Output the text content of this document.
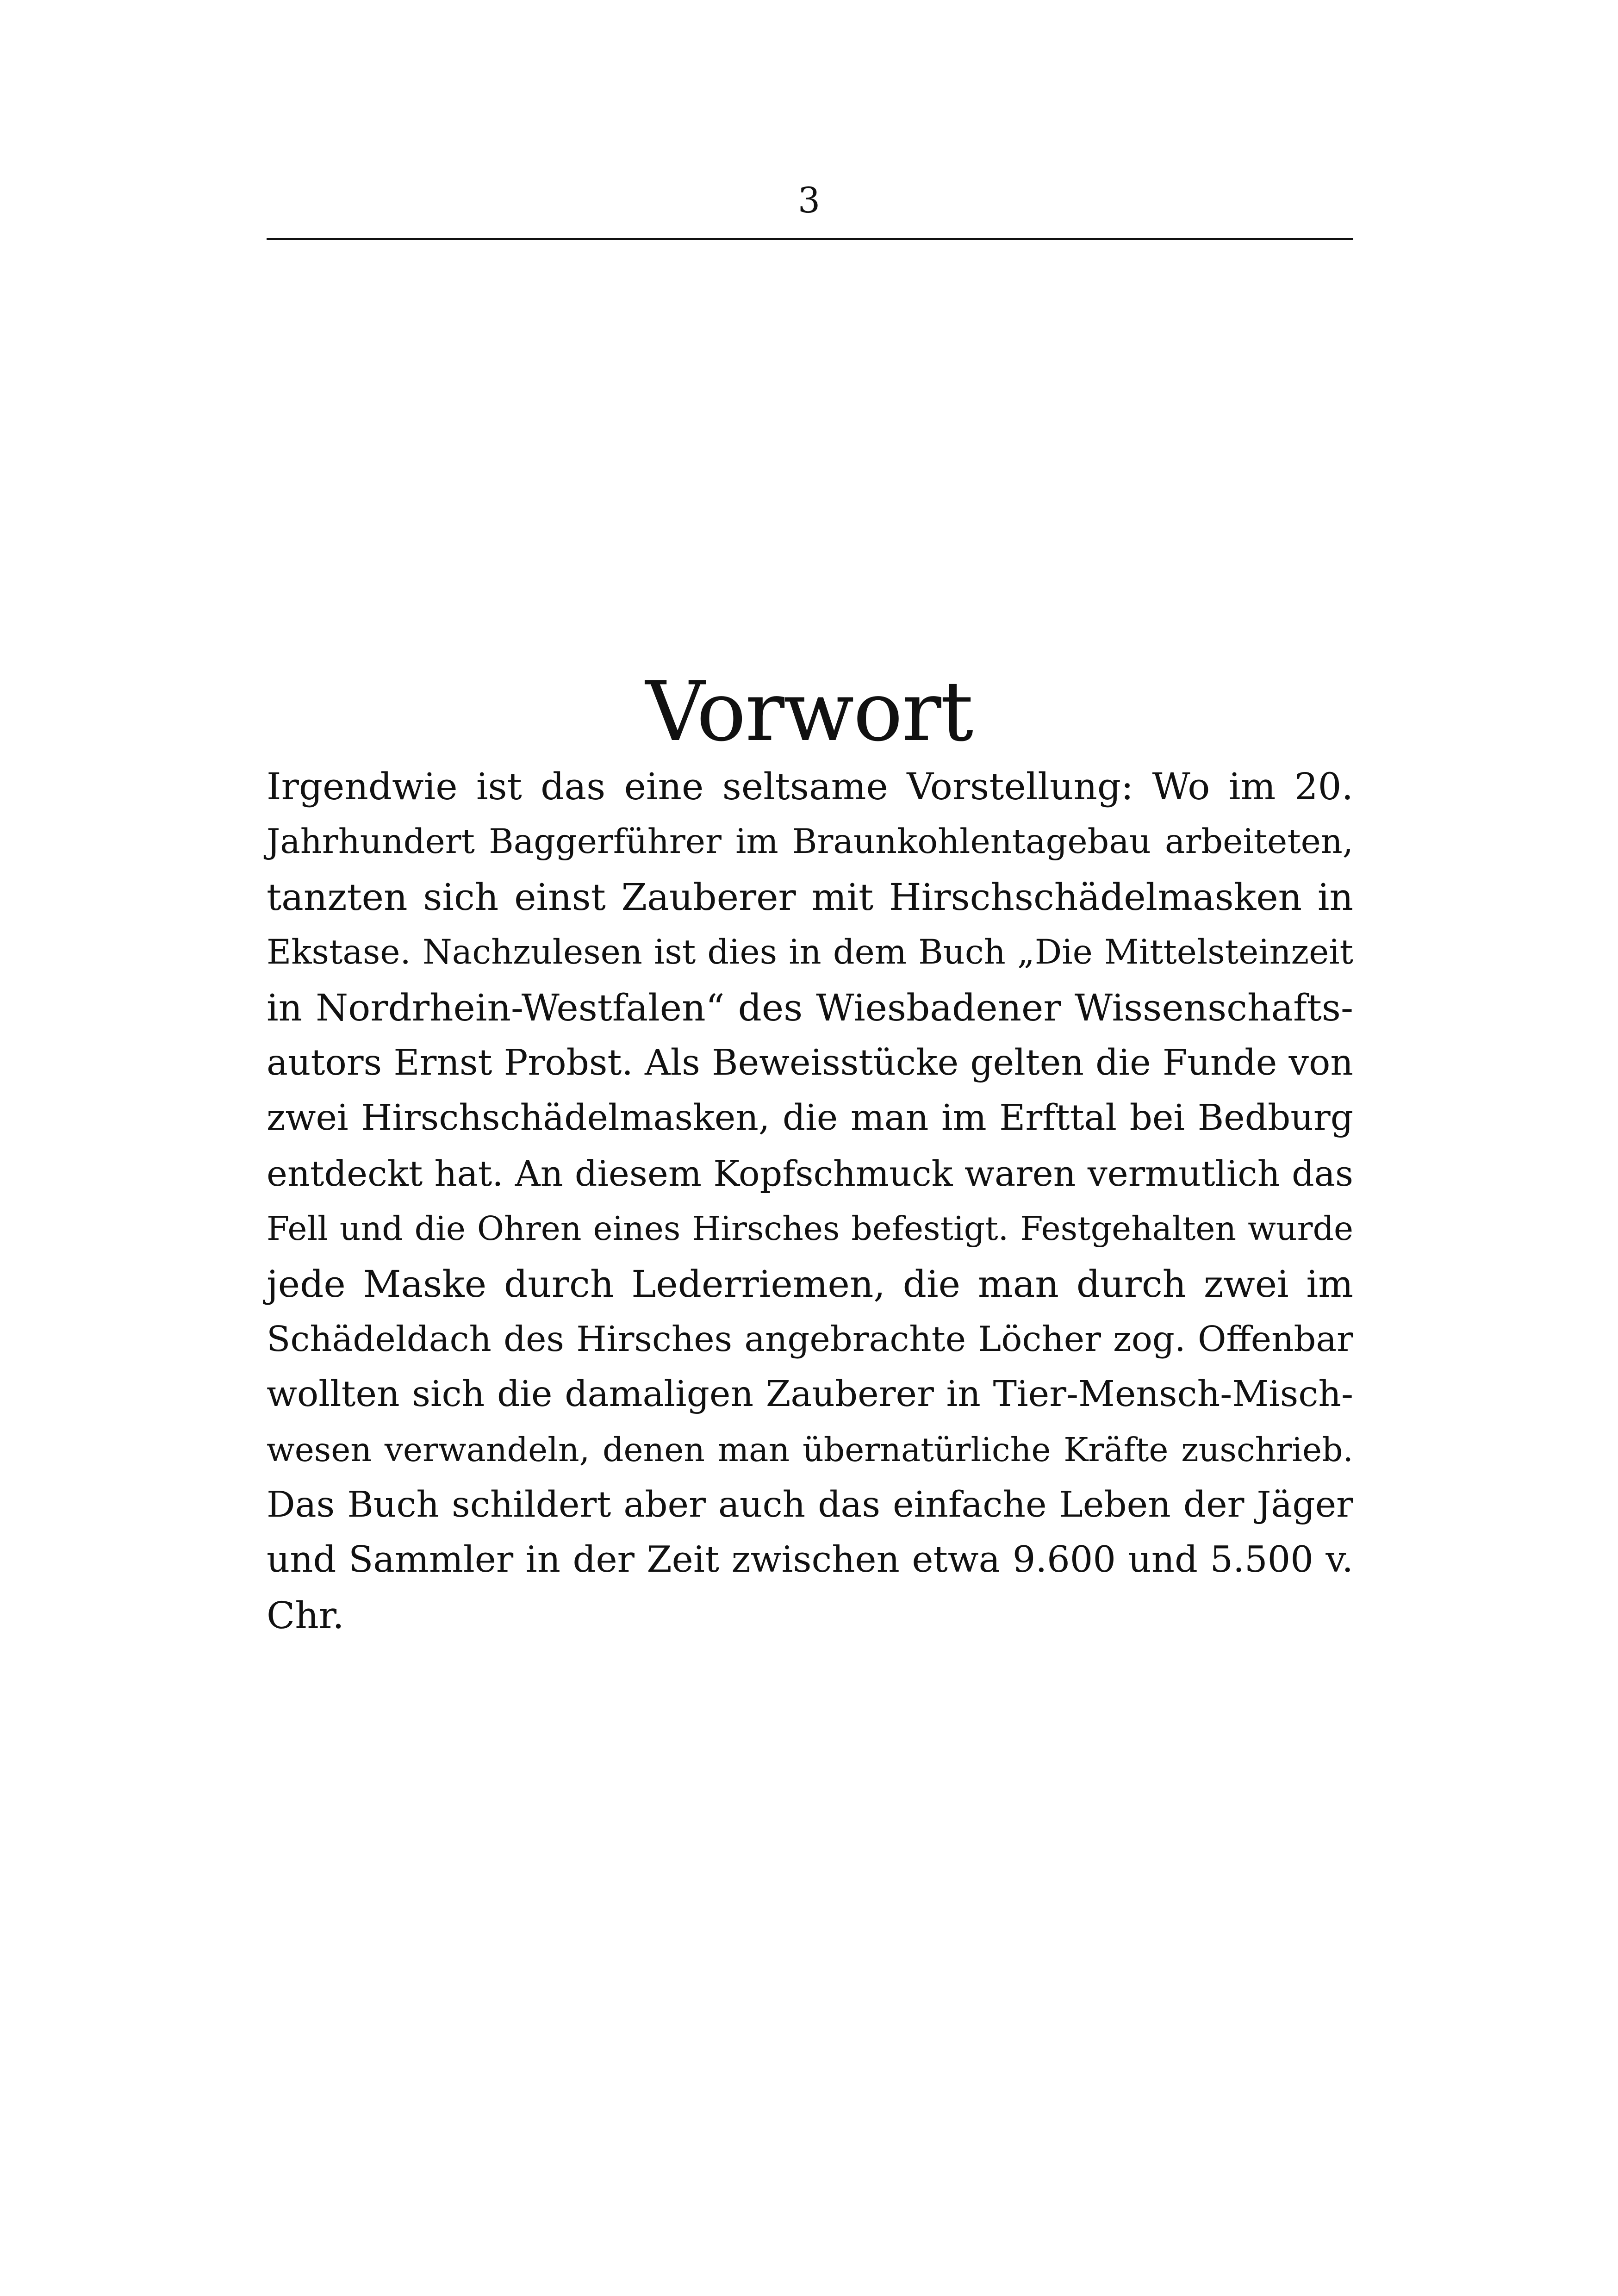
3
Vorwort
Irgendwie ist das eine seltsame Vorstellung: Wo im 20.
Jahrhundert Baggerführer im Braunkohlentagebau arbeiteten,
tanzten sich einst Zauberer mit Hirschschädelmasken in
Ekstase. Nachzulesen ist dies in dem Buch „Die Mittelsteinzeit
in Nordrhein-Westfalen“ des Wiesbadener Wissenschafts-
autors Ernst Probst. Als Beweisstücke gelten die Funde von
zwei Hirschschädelmasken, die man im Erfttal bei Bedburg
entdeckt hat. An diesem Kopfschmuck waren vermutlich das
Fell und die Ohren eines Hirsches befestigt. Festgehalten wurde
jede Maske durch Lederriemen, die man durch zwei im
Schädeldach des Hirsches angebrachte Löcher zog. Offenbar
wollten sich die damaligen Zauberer in Tier-Mensch-Misch-
wesen verwandeln, denen man übernatürliche Kräfte zuschrieb.
Das Buch schildert aber auch das einfache Leben der Jäger
und Sammler in der Zeit zwischen etwa 9.600 und 5.500 v.
Chr.
